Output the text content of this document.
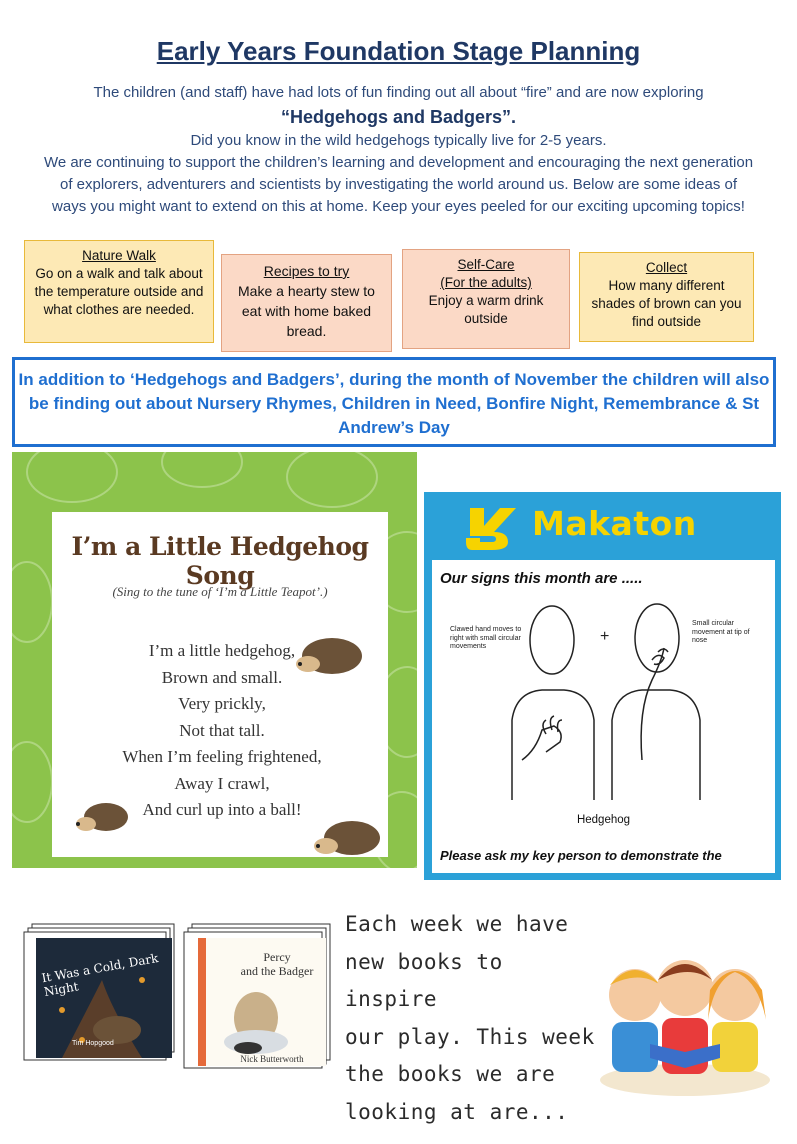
Early Years Foundation Stage Planning
The children (and staff) have had lots of fun finding out all about “fire” and are now exploring
“Hedgehogs and Badgers”.
Did you know in the wild hedgehogs typically live for 2-5 years.
We are continuing to support the children’s learning and development and encouraging the next generation
of explorers, adventurers and scientists by investigating the world around us. Below are some ideas of
ways you might want to extend on this at home. Keep your eyes peeled for our exciting upcoming topics!
Nature Walk
Go on a walk and talk about the temperature outside and what clothes are needed.
Recipes to try
Make a hearty stew to eat with home baked bread.
Self-Care
(For the adults)
Enjoy a warm drink outside
Collect
How many different shades of brown can you find outside
In addition to ‘Hedgehogs and Badgers’, during the month of November the children will also be finding out about Nursery Rhymes, Children in Need, Bonfire Night, Remembrance & St Andrew’s Day
I’m a Little Hedgehog Song
(Sing to the tune of ‘I’m a Little Teapot’.)
I’m a little hedgehog,
Brown and small.
Very prickly,
Not that tall.
When I’m feeling frightened,
Away I crawl,
And curl up into a ball!
Makaton
Our signs this month are .....
Clawed hand moves to right with small circular movements
Small circular movement at tip of nose
+
Hedgehog
Please ask my key person to demonstrate the
It Was a Cold, Dark Night
Tim Hopgood
Percy
and the Badger
Nick Butterworth
Each week we have
new books to inspire
our play. This week
the books we are
looking at are...
